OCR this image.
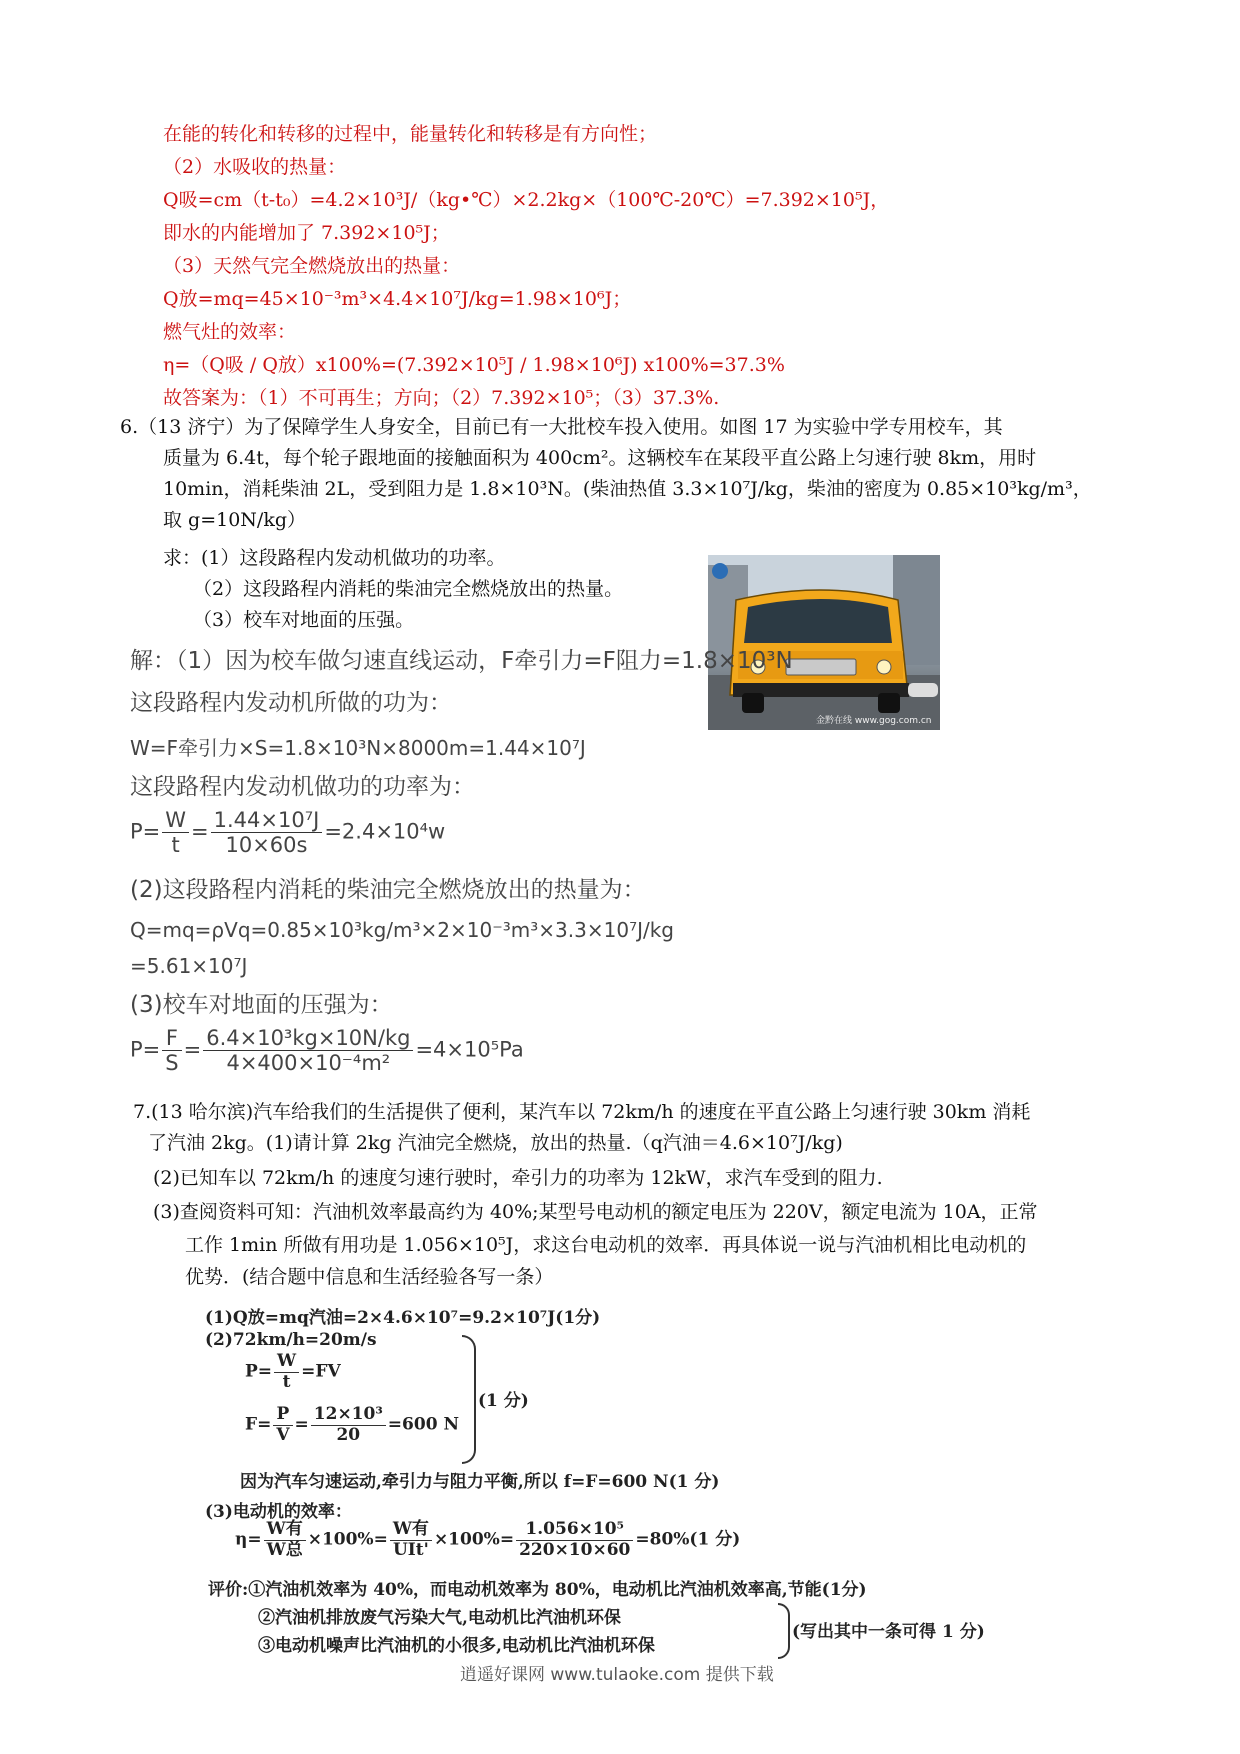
在能的转化和转移的过程中，能量转化和转移是有方向性；
（2）水吸收的热量：
Q吸=cm（t-t₀）=4.2×10³J/（kg•℃）×2.2kg×（100℃-20℃）=7.392×10⁵J，
即水的内能增加了 7.392×10⁵J；
（3）天然气完全燃烧放出的热量：
Q放=mq=45×10⁻³m³×4.4×10⁷J/kg=1.98×10⁶J；
燃气灶的效率：
η=（Q吸 / Q放）x100%=(7.392×10⁵J / 1.98×10⁶J) x100%=37.3%
故答案为：（1）不可再生；方向；（2）7.392×10⁵；（3）37.3%.
6.（13 济宁）为了保障学生人身安全，目前已有一大批校车投入使用。如图 17 为实验中学专用校车，其
质量为 6.4t，每个轮子跟地面的接触面积为 400cm²。这辆校车在某段平直公路上匀速行驶 8km，用时
10min，消耗柴油 2L，受到阻力是 1.8×10³N。(柴油热值 3.3×10⁷J/kg，柴油的密度为 0.85×10³kg/m³，
取 g=10N/kg）
求：(1）这段路程内发动机做功的功率。
（2）这段路程内消耗的柴油完全燃烧放出的热量。
（3）校车对地面的压强。
金黔在线 www.gog.com.cn
解：（1）因为校车做匀速直线运动，F牵引力=F阻力=1.8×10³N
这段路程内发动机所做的功为：
W=F牵引力×S=1.8×10³N×8000m=1.44×10⁷J
这段路程内发动机做功的功率为：
$P= \frac{W}{t} = \frac{\text{1.44×10⁷J}}{10\times 60s} =2.4\times 10^4w$
(2)这段路程内消耗的柴油完全燃烧放出的热量为：
Q=mq=ρVq=0.85×10³kg/m³×2×10⁻³m³×3.3×10⁷J/kg
=5.61×10⁷J
(3)校车对地面的压强为：
$P= \frac{F}{S} = \frac{\text{6.4×10³kg×10N/kg}}{\text{4×400×10⁻⁴m²}} =4\times 10^5Pa$
7.(13 哈尔滨)汽车给我们的生活提供了便利，某汽车以 72km/h 的速度在平直公路上匀速行驶 30km 消耗
了汽油 2kg。(1)请计算 2kg 汽油完全燃烧，放出的热量.（q汽油＝4.6×10⁷J/kg)
(2)已知车以 72km/h 的速度匀速行驶时，牵引力的功率为 12kW，求汽车受到的阻力.
(3)查阅资料可知：汽油机效率最高约为 40%;某型号电动机的额定电压为 220V，额定电流为 10A，正常
工作 1min 所做有用功是 1.056×10⁵J，求这台电动机的效率．再具体说一说与汽油机相比电动机的
优势．(结合题中信息和生活经验各写一条）
(1)Q放=mq汽油=2×4.6×10⁷=9.2×10⁷J(1分)
(2)72km/h=20m/s
$P= \frac{W}{t} =FV$
$F= \frac{P}{V} = \frac{\text{12×10³}}{20} =600$ N
(1 分)
因为汽车匀速运动,牵引力与阻力平衡,所以 f=F=600 N(1 分)
(3)电动机的效率：
$\eta= \frac{\text{W有}}{\text{W总}} \times 100\%= \frac{\text{W有}}{\text{UIt'}} \times 100\%= \frac{\text{1.056×10⁵}}{220\times 10\times 60} =80\%(1$ 分)
评价:①汽油机效率为 40%，而电动机效率为 80%，电动机比汽油机效率高,节能(1分)
②汽油机排放废气污染大气,电动机比汽油机环保
③电动机噪声比汽油机的小很多,电动机比汽油机环保
(写出其中一条可得 1 分)
逍遥好课网 www.tulaoke.com 提供下载
